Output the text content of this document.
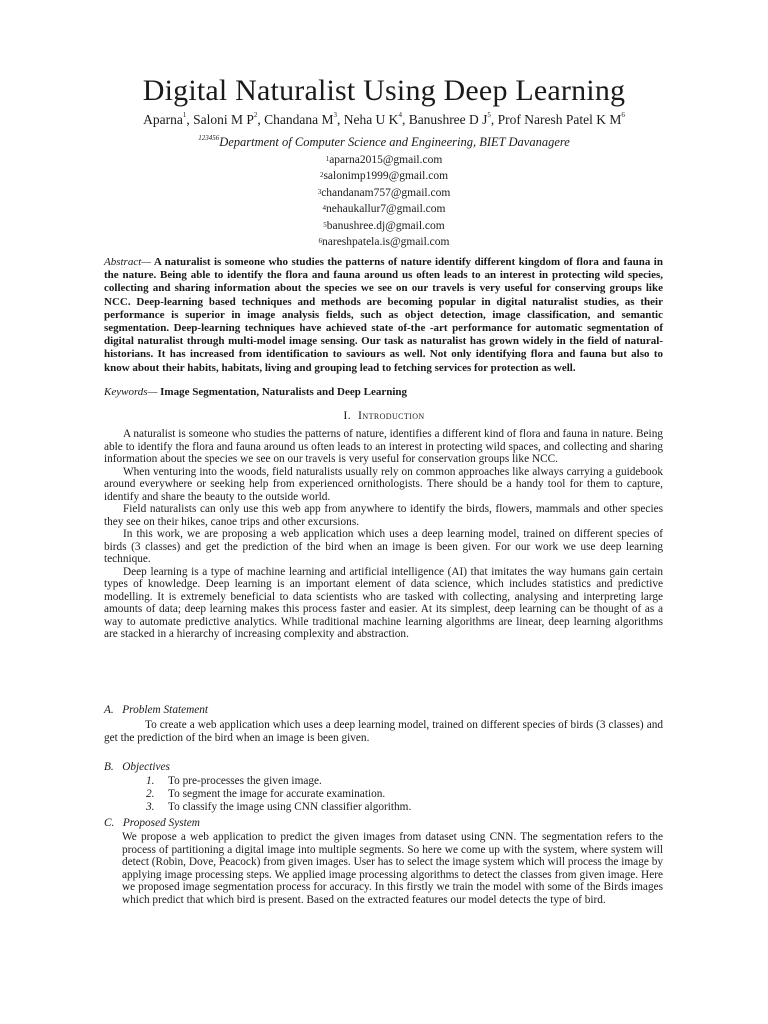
Digital Naturalist Using Deep Learning
Aparna$^1$, Saloni M $P^2$, Chandana $M^3$, Neha U $K^4$, Banushree D $J^5$, Prof Naresh Patel K $M^6$
$^{123456}$Department of Computer Science and Engineering, BIET Davanagere
$^1$aparna2015@gmail.com
$^2$salonimp1999@gmail.com
$^3$chandanam757@gmail.com
$^4$nehaukallur7@gmail.com
$^5$banushree.dj@gmail.com
$^6$nareshpatela.is@gmail.com
Abstract— A naturalist is someone who studies the patterns of nature identify different kingdom of flora and fauna in the nature. Being able to identify the flora and fauna around us often leads to an interest in protecting wild species, collecting and sharing information about the species we see on our travels is very useful for conserving groups like NCC. Deep-learning based techniques and methods are becoming popular in digital naturalist studies, as their performance is superior in image analysis fields, such as object detection, image classification, and semantic segmentation. Deep-learning techniques have achieved state of-the -art performance for automatic segmentation of digital naturalist through multi-model image sensing. Our task as naturalist has grown widely in the field of natural-historians. It has increased from identification to saviours as well. Not only identifying flora and fauna but also to know about their habits, habitats, living and grouping lead to fetching services for protection as well.
Keywords— Image Segmentation, Naturalists and Deep Learning
I. Introduction

A naturalist is someone who studies the patterns of nature, identifies a different kind of flora and fauna in nature. Being able to identify the flora and fauna around us often leads to an interest in protecting wild spaces, and collecting and sharing information about the species we see on our travels is very useful for conservation groups like NCC.

When venturing into the woods, field naturalists usually rely on common approaches like always carrying a guidebook around everywhere or seeking help from experienced ornithologists. There should be a handy tool for them to capture, identify and share the beauty to the outside world.

Field naturalists can only use this web app from anywhere to identify the birds, flowers, mammals and other species they see on their hikes, canoe trips and other excursions.

In this work, we are proposing a web application which uses a deep learning model, trained on different species of birds (3 classes) and get the prediction of the bird when an image is been given. For our work we use deep learning technique.

Deep learning is a type of machine learning and artificial intelligence (AI) that imitates the way humans gain certain types of knowledge. Deep learning is an important element of data science, which includes statistics and predictive modelling. It is extremely beneficial to data scientists who are tasked with collecting, analysing and interpreting large amounts of data; deep learning makes this process faster and easier. At its simplest, deep learning can be thought of as a way to automate predictive analytics. While traditional machine learning algorithms are linear, deep learning algorithms are stacked in a hierarchy of increasing complexity and abstraction.

A. Problem Statement

To create a web application which uses a deep learning model, trained on different species of birds (3 classes) and get the prediction of the bird when an image is been given.

B. Objectives
1.	To pre-processes the given image.
2.	To segment the image for accurate examination.
3.	To classify the image using CNN classifier algorithm.
C. Proposed System
We propose a web application to predict the given images from dataset using CNN. The segmentation refers to the process of partitioning a digital image into multiple segments. So here we come up with the system, where system will detect (Robin, Dove, Peacock) from given images. User has to select the image system which will process the image by applying image processing steps. We applied image processing algorithms to detect the classes from given image. Here we proposed image segmentation process for accuracy. In this firstly we train the model with some of the Birds images which predict that which bird is present. Based on the extracted features our model detects the type of bird.
